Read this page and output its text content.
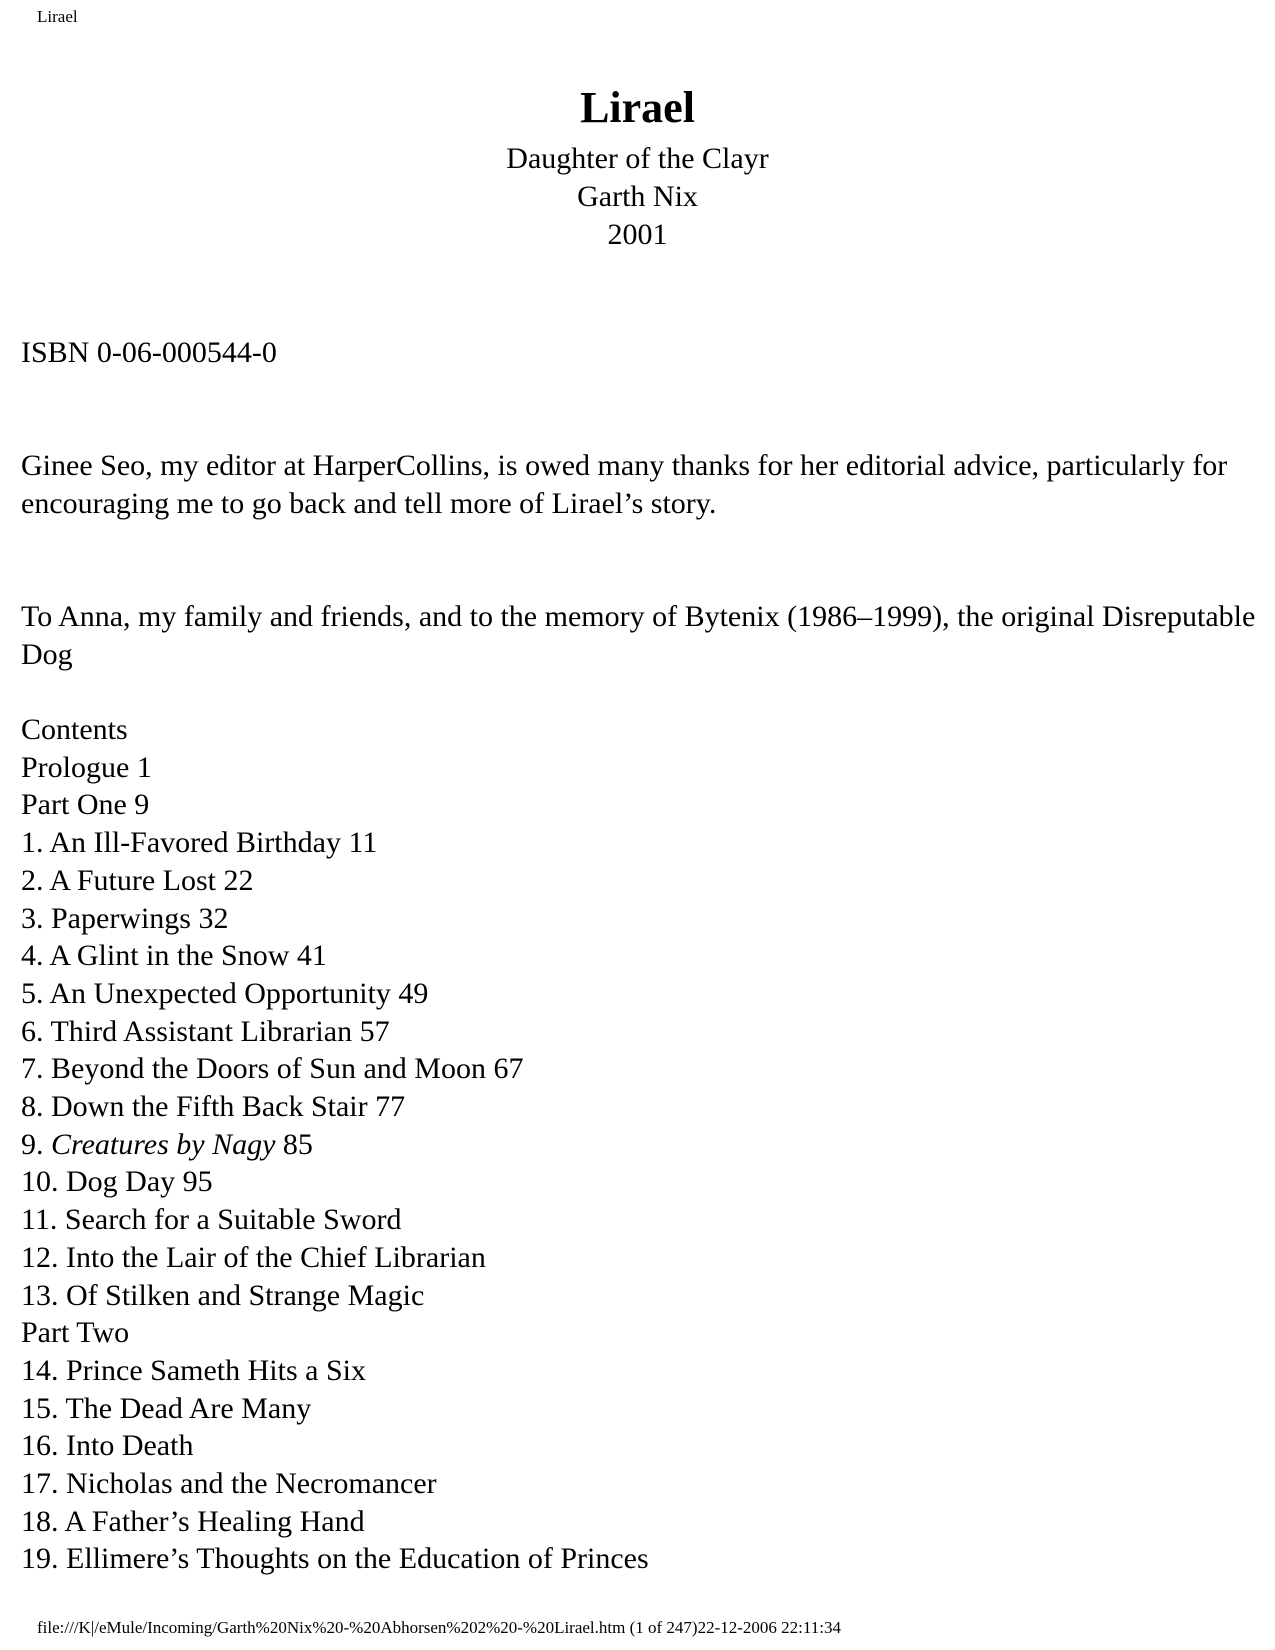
Lirael
Lirael
Daughter of the Clayr
Garth Nix
2001
ISBN 0-06-000544-0
Ginee Seo, my editor at HarperCollins, is owed many thanks for her editorial advice, particularly for encouraging me to go back and tell more of Lirael’s story.
To Anna, my family and friends, and to the memory of Bytenix (1986–1999), the original Disreputable Dog
Contents
Prologue 1
Part One 9
1. An Ill-Favored Birthday 11
2. A Future Lost 22
3. Paperwings 32
4. A Glint in the Snow 41
5. An Unexpected Opportunity 49
6. Third Assistant Librarian 57
7. Beyond the Doors of Sun and Moon 67
8. Down the Fifth Back Stair 77
9. Creatures by Nagy 85
10. Dog Day 95
11. Search for a Suitable Sword
12. Into the Lair of the Chief Librarian
13. Of Stilken and Strange Magic
Part Two
14. Prince Sameth Hits a Six
15. The Dead Are Many
16. Into Death
17. Nicholas and the Necromancer
18. A Father’s Healing Hand
19. Ellimere’s Thoughts on the Education of Princes
file:///K|/eMule/Incoming/Garth%20Nix%20-%20Abhorsen%202%20-%20Lirael.htm (1 of 247)22-12-2006 22:11:34
